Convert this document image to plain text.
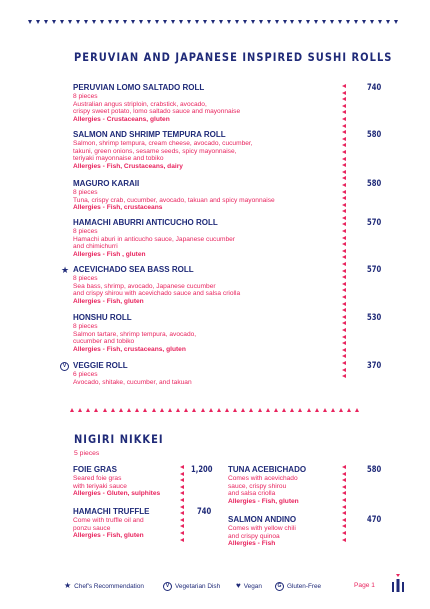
PERUVIAN AND JAPANESE INSPIRED SUSHI ROLLS
PERUVIAN LOMO SALTADO ROLL
8 pieces
Australian angus striploin, crabstick, avocado,
crispy sweet potato, lomo saltado sauce and mayonnaise
Allergies - Crustaceans, gluten
740
SALMON AND SHRIMP TEMPURA ROLL
Salmon, shrimp tempura, cream cheese, avocado, cucumber,
takuni, green onions, sesame seeds, spicy mayonnaise,
teriyaki mayonnaise and tobiko
Allergies - Fish, Crustaceans, dairy
580
MAGURO KARAII
8 pieces
Tuna, crispy crab, cucumber, avocado, takuan and spicy mayonnaise
Allergies - Fish, crustaceans
580
HAMACHI ABURRI ANTICUCHO ROLL
8 pieces
Hamachi aburi in anticucho sauce, Japanese cucumber
and chimichurri
Allergies - Fish , gluten
570
★ ACEVICHADO SEA BASS ROLL
8 pieces
Sea bass, shrimp, avocado, Japanese cucumber
and crispy shirou with acevichado sauce and salsa criolla
Allergies - Fish, gluten
570
HONSHU ROLL
8 pieces
Salmon tartare, shrimp tempura, avocado,
cucumber and tobiko
Allergies - Fish, crustaceans, gluten
530
V VEGGIE ROLL
6 pieces
Avocado, shitake, cucumber, and takuan
370
NIGIRI NIKKEI
5 pieces
FOIE GRAS
Seared foie gras
with teriyaki sauce
Allergies - Gluten, sulphites
1,200
HAMACHI TRUFFLE
Come with truffle oil and
ponzu sauce
Allergies - Fish, gluten
740
TUNA ACEBICHADO
Comes with acevichado
sauce, crispy shirou
and salsa criolla
Allergies - Fish, gluten
580
SALMON ANDINO
Comes with yellow chili
and crispy quinoa
Allergies - Fish
470
★ Chef's Recommendation	V Vegetarian Dish ♥ Vegan	G Gluten-Free	Page 1
